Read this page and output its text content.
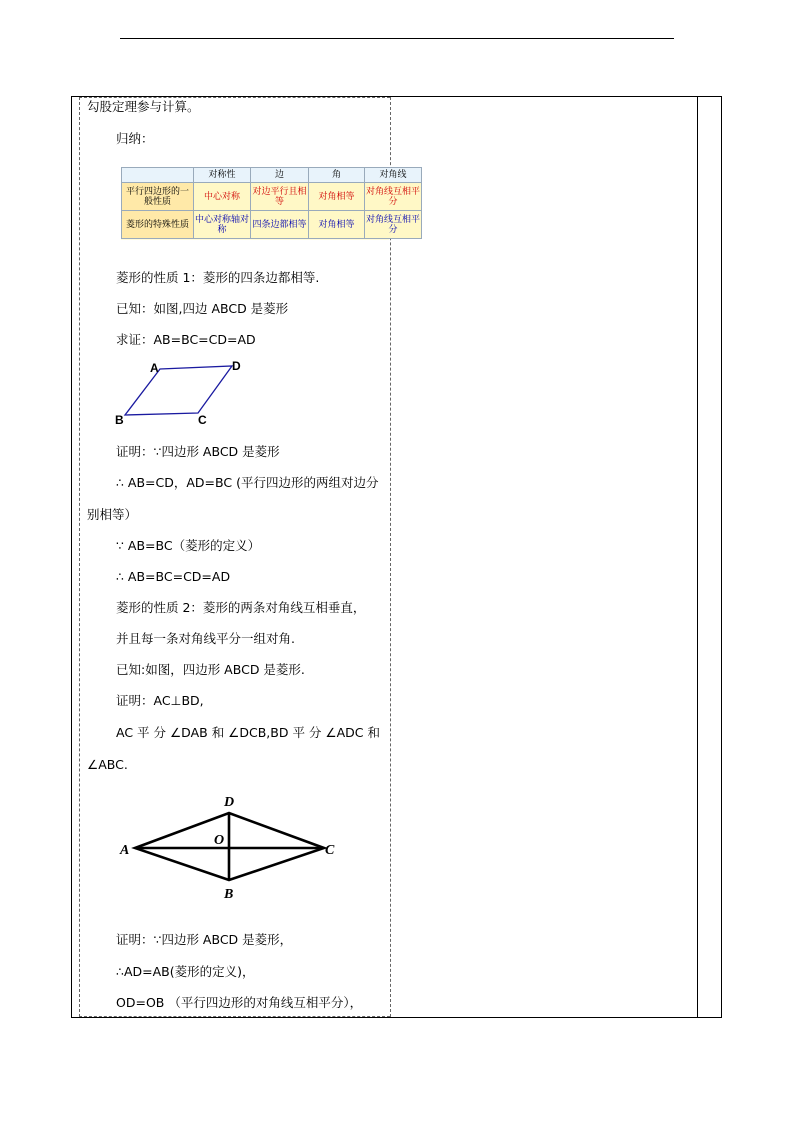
勾股定理参与计算。
归纳：
	对称性	边	角	对角线
平行四边形的一般性质	中心对称	对边平行且相等	对角相等	对角线互相平分
菱形的特殊性质	中心对称轴对称	四条边都相等	对角相等	对角线互相平分
菱形的性质 1：菱形的四条边都相等.
已知：如图,四边 ABCD 是菱形
求证：AB=BC=CD=AD
A	D
B	C
证明：∵四边形 ABCD 是菱形
∴ AB=CD，AD=BC (平行四边形的两组对边分
别相等）
∵ AB=BC（菱形的定义）
∴ AB=BC=CD=AD
菱形的性质 2：菱形的两条对角线互相垂直，
并且每一条对角线平分一组对角.
已知:如图，四边形 ABCD 是菱形.
证明：AC⊥BD,
AC 平 分 ∠DAB 和 ∠DCB,BD 平 分 ∠ADC 和
∠ABC.
A
D
C
B
O
证明：∵四边形 ABCD 是菱形，
∴AD=AB(菱形的定义)，
OD=OB （平行四边形的对角线互相平分），
